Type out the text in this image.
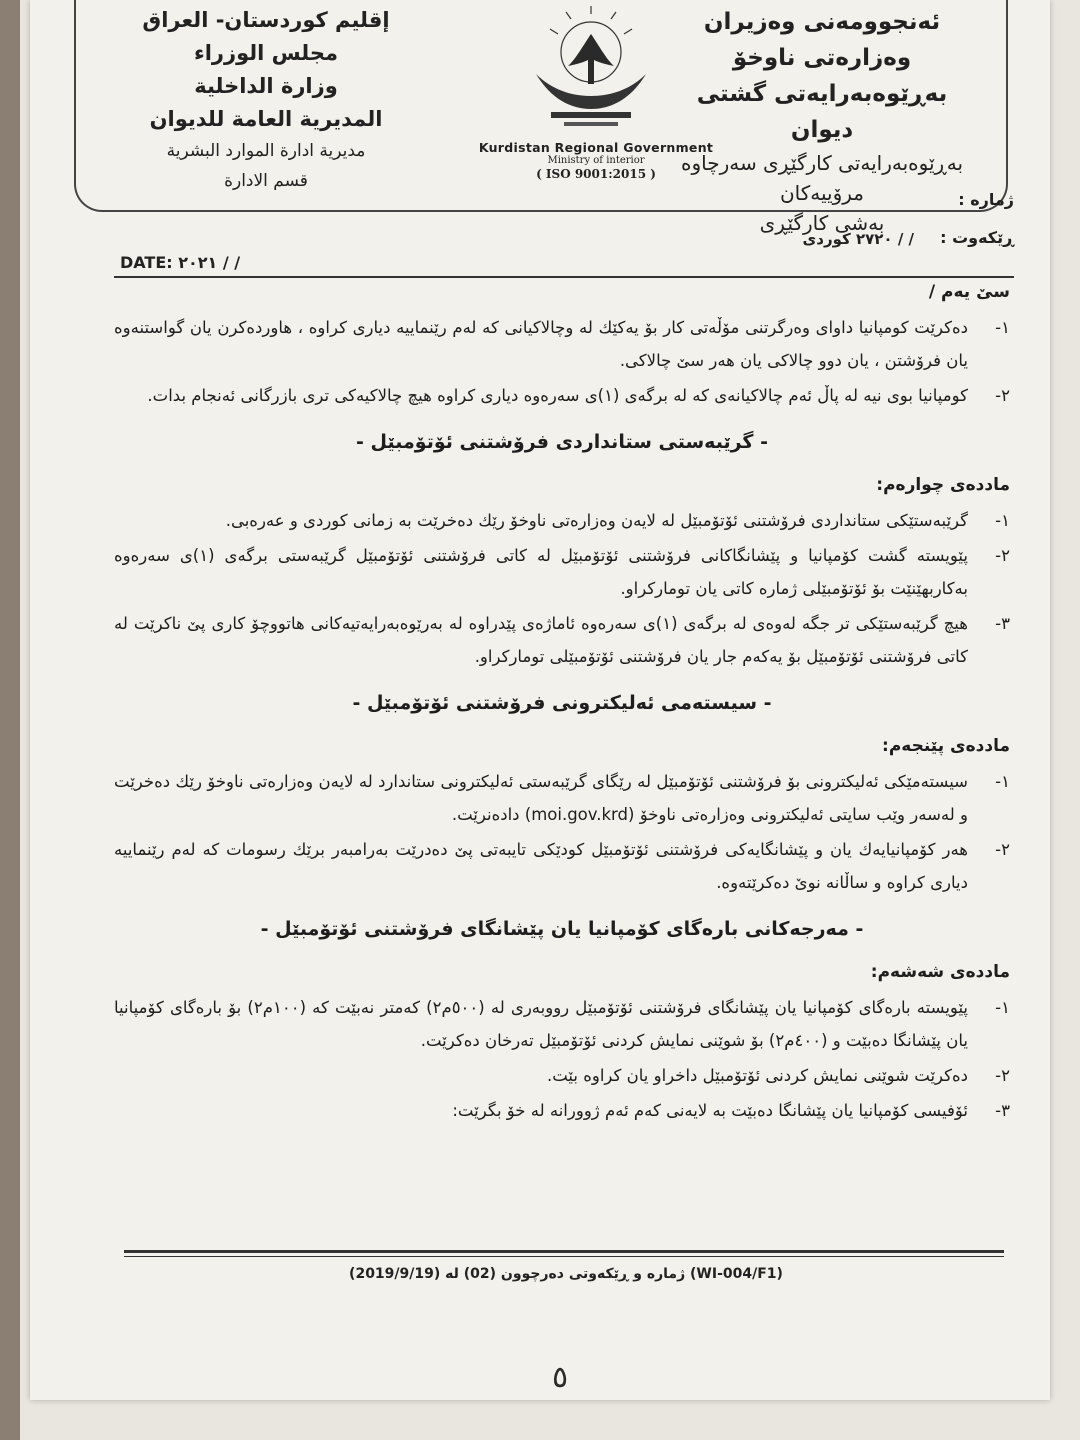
ئەنجوومەنی وەزیران
وەزارەتی ناوخۆ
بەڕێوەبەرایەتی گشتی دیوان
بەڕێوەبەرایەتی کارگێڕی سەرچاوە مرۆییەکان
بەشی کارگێڕی
Kurdistan Regional Government
Ministry of interior
( ISO 9001:2015 )
إقليم كوردستان- العراق
مجلس الوزراء
وزارة الداخلية
المديرية العامة للديوان
مديرية ادارة الموارد البشرية
قسم الادارة
ژمارە :
ڕێکەوت :
/ / ٢٧٢٠ كوردى
DATE: ٢٠٢١ / /
سێ یەم /
١-
دەكرێت كومپانيا داوای وەرگرتنی مۆڵەتی کار بۆ یەکێك لە وچالاكیانی کە لەم رێنماییە دیاری کراوە ، هاوردەکرن یان گواستنەوە یان فرۆشتن ، یان دوو چالاكی یان هەر سێ چالاكی.
٢-
كومپانیا بوی نیە لە پاڵ ئەم چالاکیانەی کە لە برگەی (١)ی سەرەوە دیاری کراوە هیچ چالاکیەکی تری بازرگانی ئەنجام بدات.
- گرێبەستی ستانداردی فرۆشتنی ئۆتۆمبێل -
ماددەی چوارەم:
١-
گرێبەستێکی ستانداردی فرۆشتنی ئۆتۆمبێل لە لایەن وەزارەتی ناوخۆ رێك دەخرێت بە زمانی کوردی و عەرەبی.
٢-
پێویستە گشت کۆمپانیا و پێشانگاکانی فرۆشتنی ئۆتۆمبێل لە کاتی فرۆشتنی ئۆتۆمبێل گرێبەستی برگەی (١)ی سەرەوە بەکاربهێنێت بۆ ئۆتۆمبێلی ژمارە کاتی یان تومارکراو.
٣-
هیچ گرێبەستێکی تر جگە لەوەی لە برگەی (١)ی سەرەوە ئاماژەی پێدراوە لە بەرێوەبەرایەتیەكانی هاتووچۆ کاری پێ ناکرێت لە کاتی فرۆشتنی ئۆتۆمبێل بۆ یەکەم جار یان فرۆشتنی ئۆتۆمبێلی تومارکراو.
- سیستەمی ئەلیکترونی فرۆشتنی ئۆتۆمبێل -
ماددەی پێنجەم:
١-
سیستەمێکی ئەلیکترونی بۆ فرۆشتنی ئۆتۆمبێل لە رێگای گرێبەستی ئەلیکترونی ستاندارد لە لایەن وەزارەتی ناوخۆ رێك دەخرێت و لەسەر وێب سایتی ئەلیکترونی وەزارەتی ناوخۆ (moi.gov.krd) دادەنرێت.
٢-
هەر کۆمپانیایەك یان و پێشانگایەکی فرۆشتنی ئۆتۆمبێل کودێکی تایبەتی پێ دەدرێت بەرامبەر برێك رسومات کە لەم رێنماییە دیاری کراوە و ساڵانە نوێ دەکرێتەوە.
- مەرجەکانی بارەگای کۆمپانیا یان پێشانگای فرۆشتنی ئۆتۆمبێل -
ماددەی شەشەم:
١-
پێویستە بارەگای کۆمپانیا یان پێشانگای فرۆشتنی ئۆتۆمبێل رووبەری لە (٥٠٠م٢) کەمتر نەبێت کە (١٠٠م٢) بۆ بارەگای کۆمپانیا یان پێشانگا دەبێت و (٤٠٠م٢) بۆ شوێنی نمایش کردنی ئۆتۆمبێل تەرخان دەکرێت.
٢-
دەكرێت شوێنی نمایش كردنی ئۆتۆمبێل داخراو یان كراوە بێت.
٣-
ئۆفیسی کۆمپانیا یان پێشانگا دەبێت بە لایەنی کەم ئەم ژوورانە لە خۆ بگرێت:
(WI-004/F1) ژمارە و ڕێكەوتی دەرچوون (02) لە (2019/9/19)
٥
